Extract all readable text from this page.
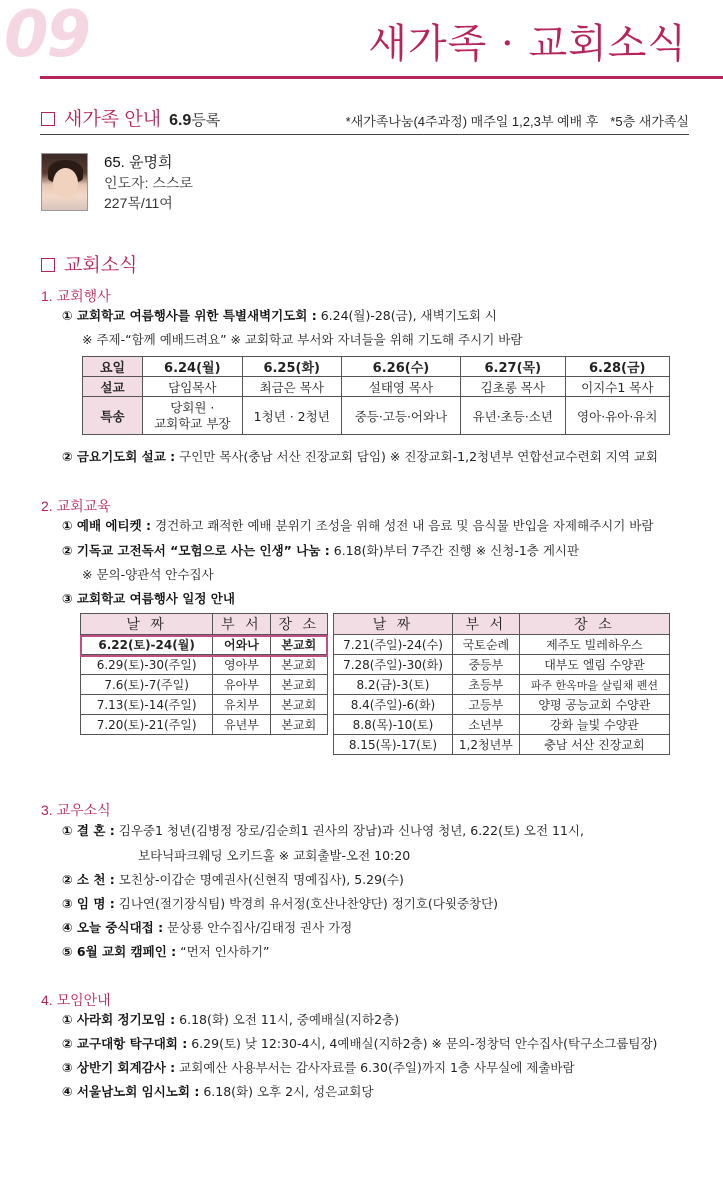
09	새가족 · 교회소식
새가족 안내 6.9등록	*새가족나눔(4주과정) 매주일 1,2,3부 예배 후 *5층 새가족실
65. 윤명희
인도자: 스스로
227목/11여
교회소식
1. 교회행사
① 교회학교 여름행사를 위한 특별새벽기도회 : 6.24(월)-28(금), 새벽기도회 시
※ 주제-“함께 예배드려요” ※ 교회학교 부서와 자녀들을 위해 기도해 주시기 바람
요일	6.24(월)	6.25(화)	6.26(수)	6.27(목)	6.28(금)
설교	담임목사	최금은 목사	설태영 목사	김초롱 목사	이지수1 목사
특송	당회원 ·
교회학교 부장	1청년 · 2청년	중등·고등·어와나	유년·초등·소년	영아·유아·유치
② 금요기도회 설교 : 구인만 목사(충남 서산 진장교회 담임) ※ 진장교회-1,2청년부 연합선교수련회 지역 교회
2. 교회교육
① 예배 에티켓 : 경건하고 쾌적한 예배 분위기 조성을 위해 성전 내 음료 및 음식물 반입을 자제해주시기 바람
② 기독교 고전독서 “모험으로 사는 인생” 나눔 : 6.18(화)부터 7주간 진행 ※ 신청-1층 게시판
※ 문의-양관석 안수집사
③ 교회학교 여름행사 일정 안내
날 짜	부 서	장 소
6.22(토)-24(월)	어와나	본교회
6.29(토)-30(주일)	영아부	본교회
7.6(토)-7(주일)	유아부	본교회
7.13(토)-14(주일)	유치부	본교회
7.20(토)-21(주일)	유년부	본교회
날 짜	부 서	장 소
7.21(주일)-24(수)	국토순례	제주도 빌레하우스
7.28(주일)-30(화)	중등부	대부도 엘림 수양관
8.2(금)-3(토)	초등부	파주 한옥마을 살림채 펜션
8.4(주일)-6(화)	고등부	양평 공능교회 수양관
8.8(목)-10(토)	소년부	강화 늘빛 수양관
8.15(목)-17(토)	1,2청년부	충남 서산 진장교회
3. 교우소식
① 결 혼 : 김우중1 청년(김병정 장로/김순희1 권사의 장남)과 신나영 청년, 6.22(토) 오전 11시,
보타닉파크웨딩 오키드홀 ※ 교회출발-오전 10:20
② 소 천 : 모친상-이갑순 명예권사(신현직 명예집사), 5.29(수)
③ 임 명 : 김나연(절기장식팀) 박경희 유서정(호산나찬양단) 정기호(다윗중창단)
④ 오늘 중식대접 : 문상룡 안수집사/김태정 권사 가정
⑤ 6월 교회 캠페인 : “먼저 인사하기”
4. 모임안내
① 사라회 정기모임 : 6.18(화) 오전 11시, 중예배실(지하2층)
② 교구대항 탁구대회 : 6.29(토) 낮 12:30-4시, 4예배실(지하2층) ※ 문의-정창덕 안수집사(탁구소그룹팀장)
③ 상반기 회계감사 : 교회예산 사용부서는 감사자료를 6.30(주일)까지 1층 사무실에 제출바람
④ 서울남노회 임시노회 : 6.18(화) 오후 2시, 성은교회당
